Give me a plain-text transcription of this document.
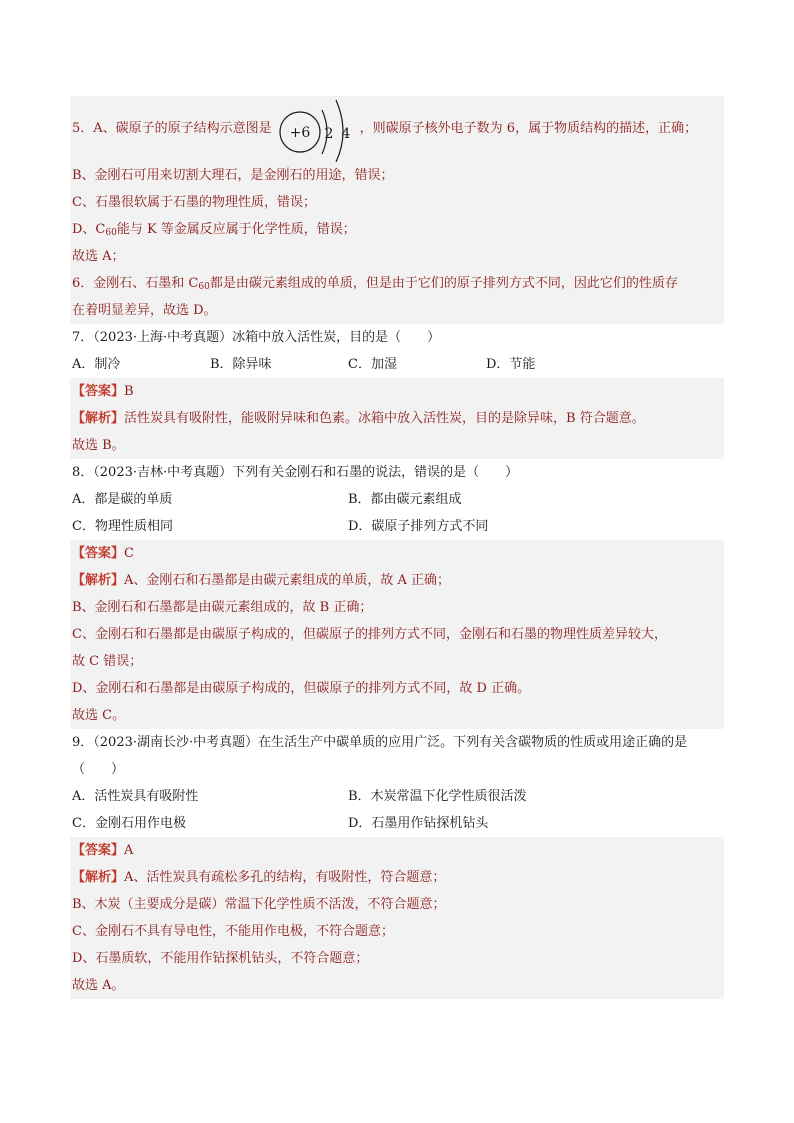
5．A、碳原子的原子结构示意图是 +6 2 4 ，则碳原子核外电子数为 6，属于物质结构的描述，正确；
B、金刚石可用来切割大理石，是金刚石的用途，错误；
C、石墨很软属于石墨的物理性质，错误；
D、$C_{60}$能与 K 等金属反应属于化学性质，错误；
故选 A；
6．金刚石、石墨和 $C_{60}$都是由碳元素组成的单质，但是由于它们的原子排列方式不同，因此它们的性质存
在着明显差异，故选 D。
7．（2023·上海·中考真题）冰箱中放入活性炭，目的是（　　）
A．制冷	B．除异味	C．加湿	D．节能
【答案】B
【解析】活性炭具有吸附性，能吸附异味和色素。冰箱中放入活性炭，目的是除异味，B 符合题意。
故选 B。
8．（2023·吉林·中考真题）下列有关金刚石和石墨的说法，错误的是（　　）
A．都是碳的单质	B．都由碳元素组成
C．物理性质相同	D．碳原子排列方式不同
【答案】C
【解析】A、金刚石和石墨都是由碳元素组成的单质，故 A 正确；
B、金刚石和石墨都是由碳元素组成的，故 B 正确；
C、金刚石和石墨都是由碳原子构成的，但碳原子的排列方式不同，金刚石和石墨的物理性质差异较大，
故 C 错误；
D、金刚石和石墨都是由碳原子构成的，但碳原子的排列方式不同，故 D 正确。
故选 C。
9．（2023·湖南长沙·中考真题）在生活生产中碳单质的应用广泛。下列有关含碳物质的性质或用途正确的是
（　　）
A．活性炭具有吸附性	B．木炭常温下化学性质很活泼
C．金刚石用作电极	D．石墨用作钻探机钻头
【答案】A
【解析】A、活性炭具有疏松多孔的结构，有吸附性，符合题意；
B、木炭（主要成分是碳）常温下化学性质不活泼，不符合题意；
C、金刚石不具有导电性，不能用作电极，不符合题意；
D、石墨质软，不能用作钻探机钻头，不符合题意；
故选 A。
